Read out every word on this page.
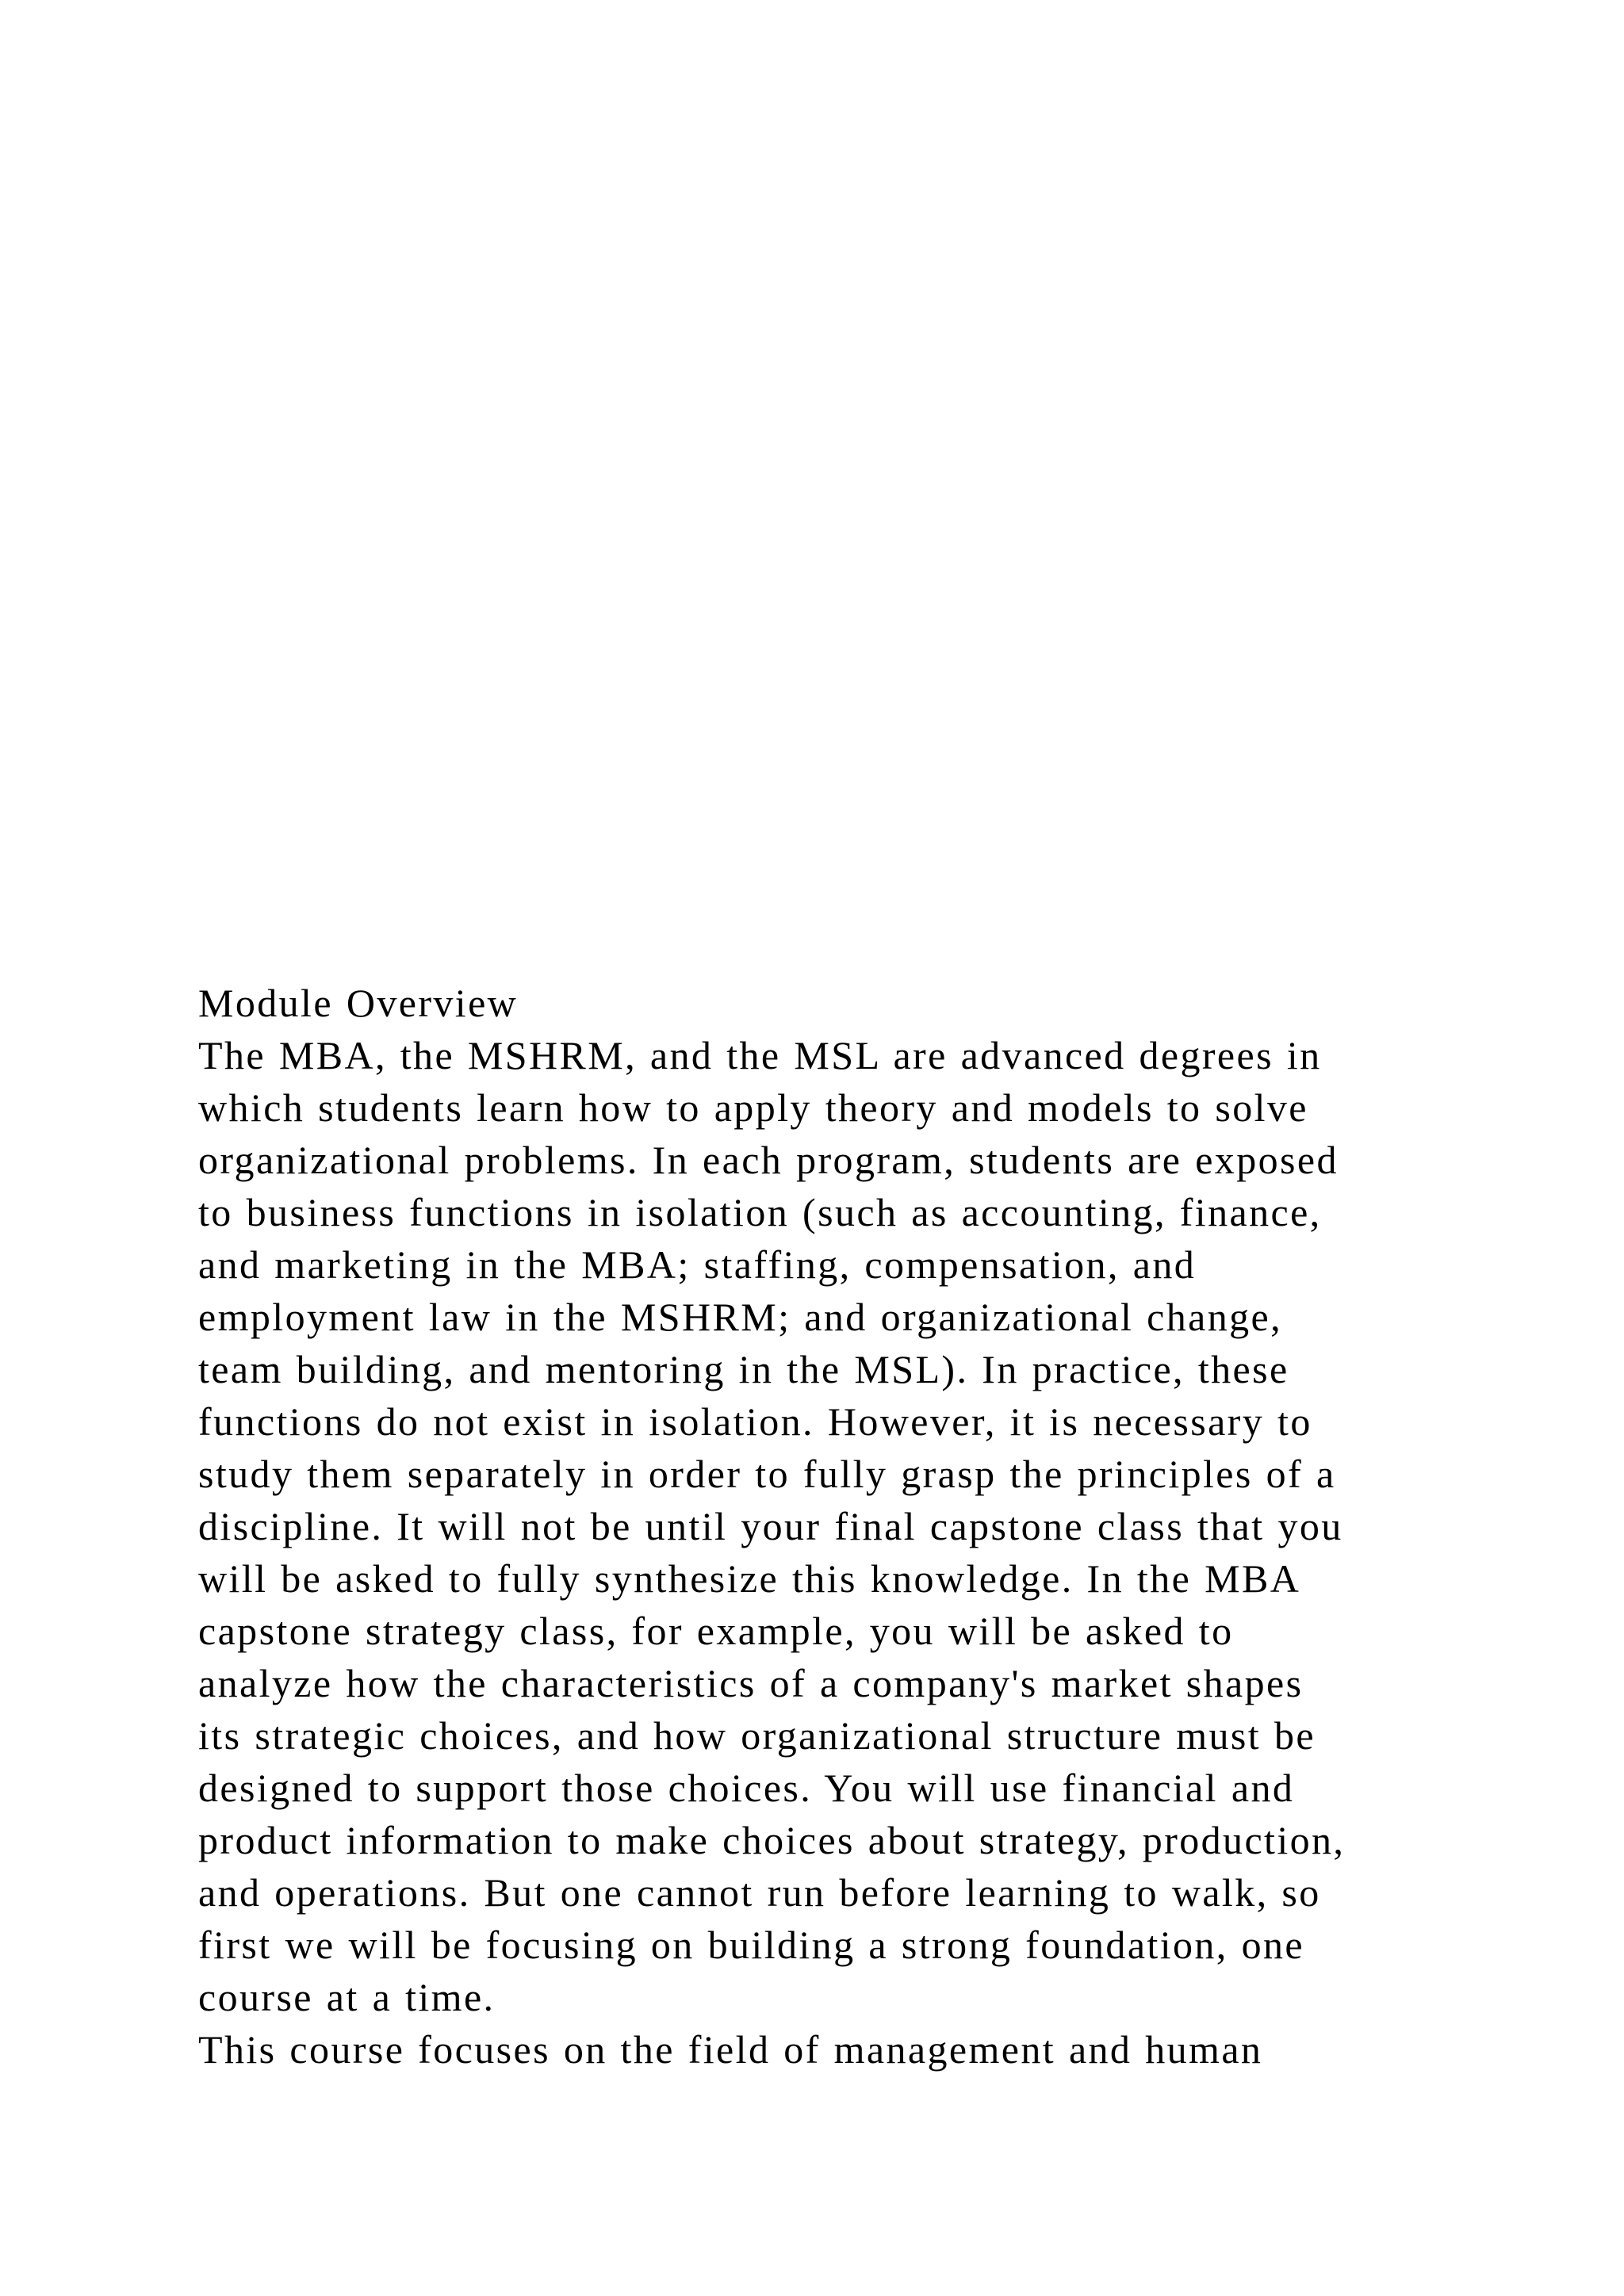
Module Overview
The MBA, the MSHRM, and the MSL are advanced degrees in
which students learn how to apply theory and models to solve
organizational problems. In each program, students are exposed
to business functions in isolation (such as accounting, finance,
and marketing in the MBA; staffing, compensation, and
employment law in the MSHRM; and organizational change,
team building, and mentoring in the MSL). In practice, these
functions do not exist in isolation. However, it is necessary to
study them separately in order to fully grasp the principles of a
discipline. It will not be until your final capstone class that you
will be asked to fully synthesize this knowledge. In the MBA
capstone strategy class, for example, you will be asked to
analyze how the characteristics of a company's market shapes
its strategic choices, and how organizational structure must be
designed to support those choices. You will use financial and
product information to make choices about strategy, production,
and operations. But one cannot run before learning to walk, so
first we will be focusing on building a strong foundation, one
course at a time.
This course focuses on the field of management and human
